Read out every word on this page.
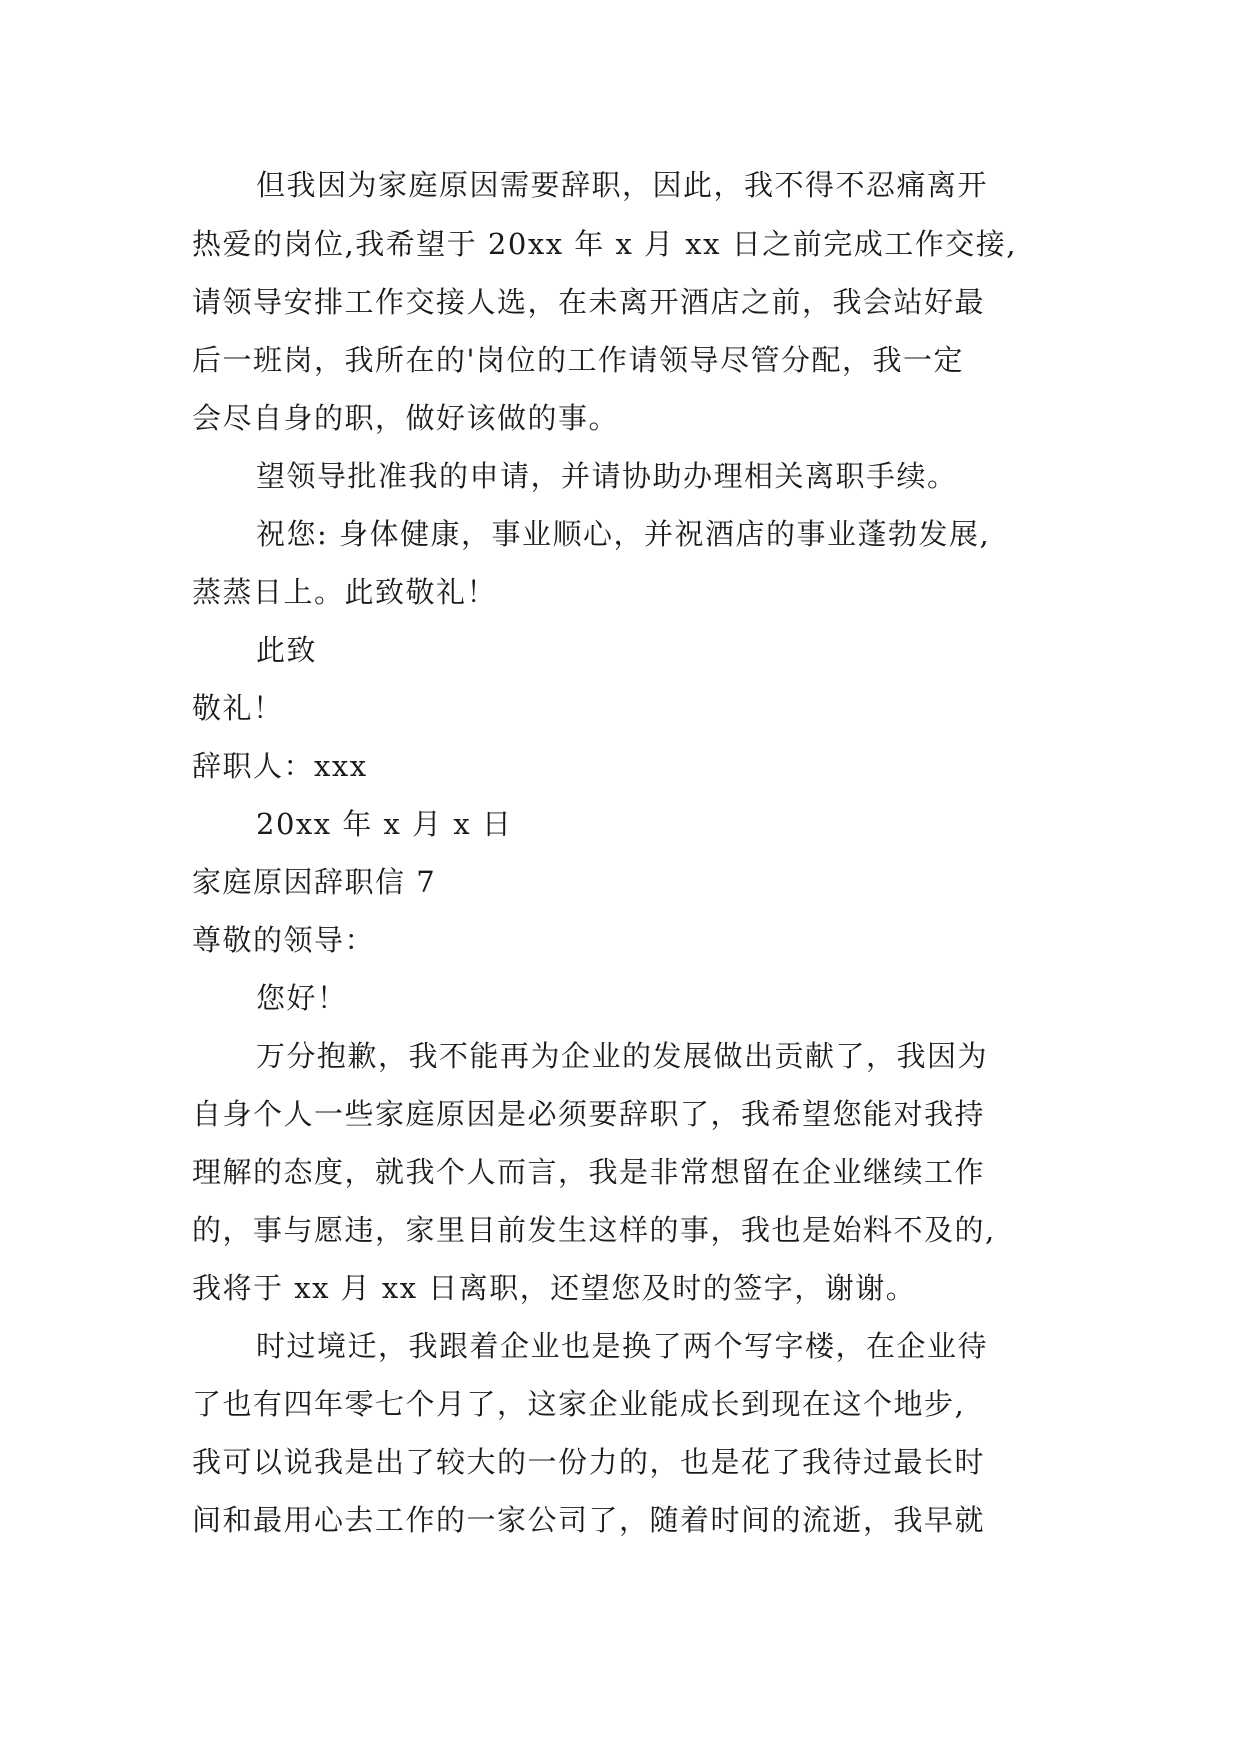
但我因为家庭原因需要辞职，因此，我不得不忍痛离开
热爱的岗位,我希望于 20xx 年 x 月 xx 日之前完成工作交接,
请领导安排工作交接人选，在未离开酒店之前，我会站好最
后一班岗，我所在的'岗位的工作请领导尽管分配，我一定
会尽自身的职，做好该做的事。
望领导批准我的申请，并请协助办理相关离职手续。
祝您: 身体健康，事业顺心，并祝酒店的事业蓬勃发展,
蒸蒸日上。此致敬礼！
此致
敬礼！
辞职人：xxx
20xx 年 x 月 x 日
家庭原因辞职信 7
尊敬的领导：
您好！
万分抱歉，我不能再为企业的发展做出贡献了，我因为
自身个人一些家庭原因是必须要辞职了，我希望您能对我持
理解的态度，就我个人而言，我是非常想留在企业继续工作
的，事与愿违，家里目前发生这样的事，我也是始料不及的,
我将于 xx 月 xx 日离职，还望您及时的签字，谢谢。
时过境迁，我跟着企业也是换了两个写字楼，在企业待
了也有四年零七个月了，这家企业能成长到现在这个地步,
我可以说我是出了较大的一份力的，也是花了我待过最长时
间和最用心去工作的一家公司了，随着时间的流逝，我早就
